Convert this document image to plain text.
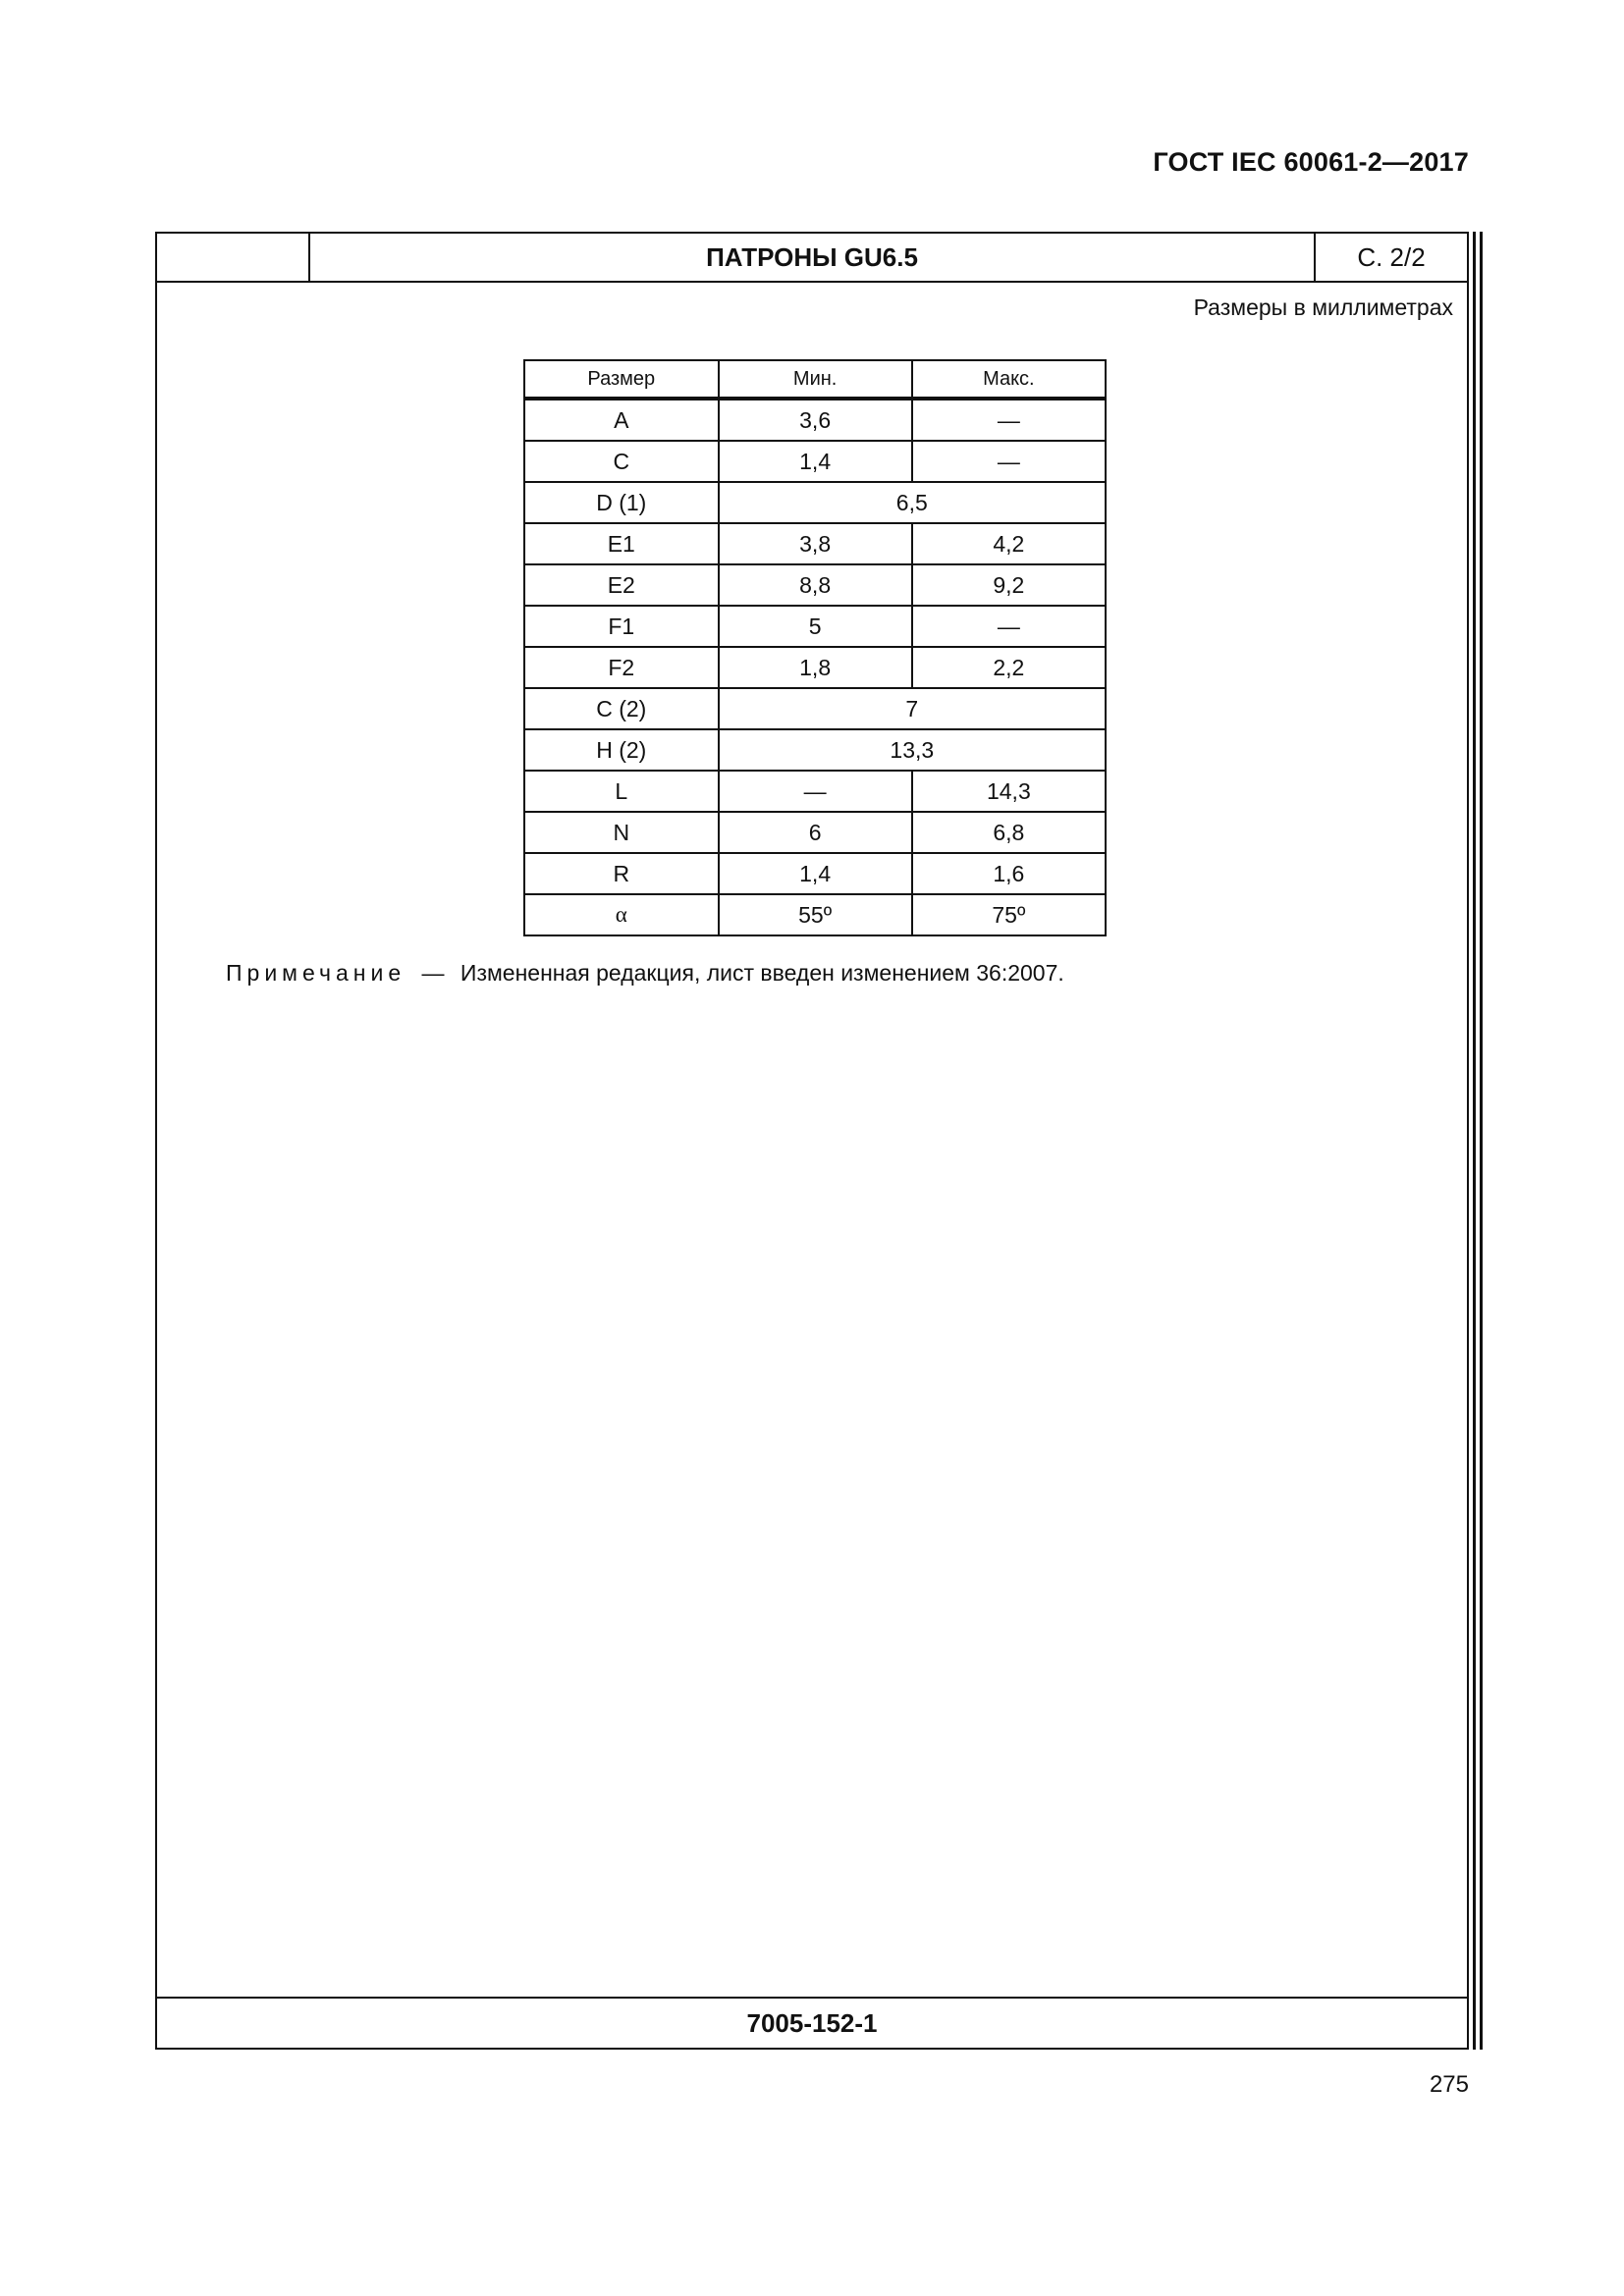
ГОСТ IEC 60061-2—2017
ПАТРОНЫ GU6.5	С. 2/2
Размеры в миллиметрах
Размер	Мин.	Макс.
A	3,6	—
C	1,4	—
D (1)	6,5	
E1	3,8	4,2
E2	8,8	9,2
F1	5	—
F2	1,8	2,2
C (2)	7	
H (2)	13,3	
L	—	14,3
N	6	6,8
R	1,4	1,6
α	55º	75º
Примечание — Измененная редакция, лист введен изменением 36:2007.
7005-152-1
275
